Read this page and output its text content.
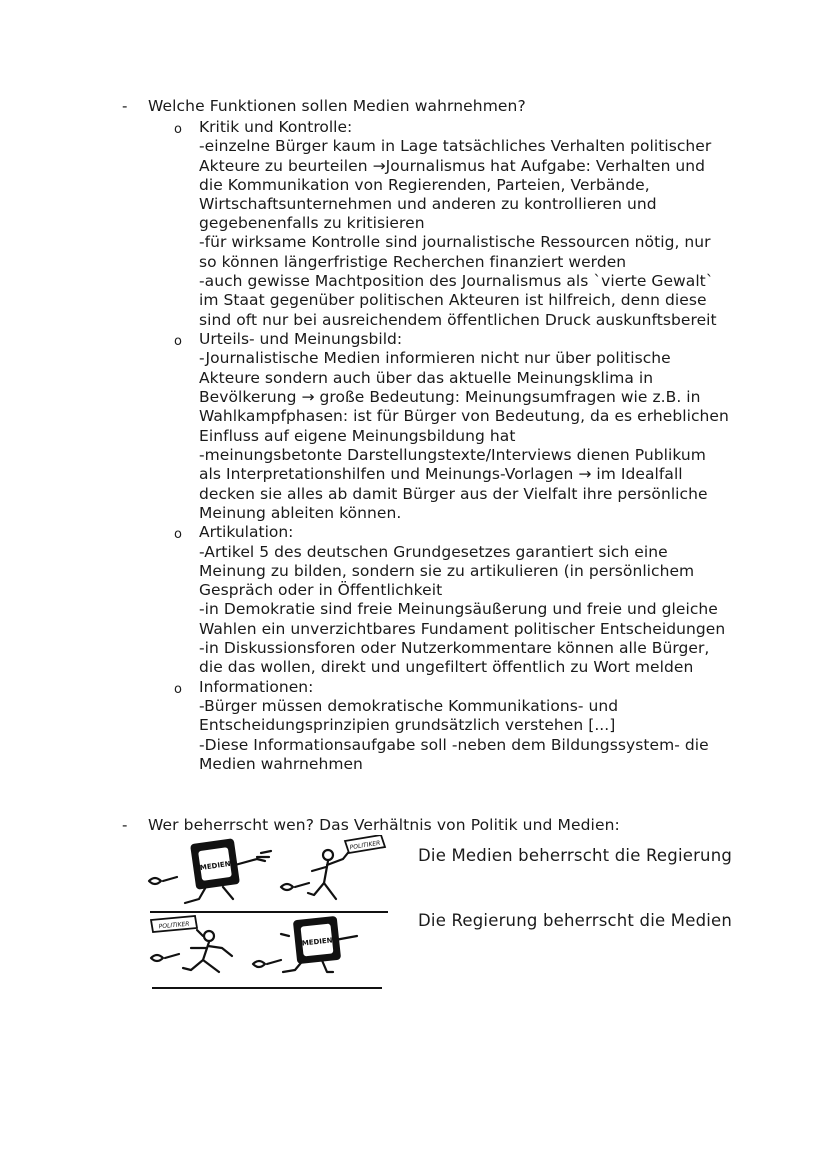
- Welche Funktionen sollen Medien wahrnehmen?
o Kritik und Kontrolle:
-einzelne Bürger kaum in Lage tatsächliches Verhalten politischer
Akteure zu beurteilen →Journalismus hat Aufgabe: Verhalten und
die Kommunikation von Regierenden, Parteien, Verbände,
Wirtschaftsunternehmen und anderen zu kontrollieren und
gegebenenfalls zu kritisieren
-für wirksame Kontrolle sind journalistische Ressourcen nötig, nur
so können längerfristige Recherchen finanziert werden
-auch gewisse Machtposition des Journalismus als `vierte Gewalt`
im Staat gegenüber politischen Akteuren ist hilfreich, denn diese
sind oft nur bei ausreichendem öffentlichen Druck auskunftsbereit
o Urteils- und Meinungsbild:
-Journalistische Medien informieren nicht nur über politische
Akteure sondern auch über das aktuelle Meinungsklima in
Bevölkerung → große Bedeutung: Meinungsumfragen wie z.B. in
Wahlkampfphasen: ist für Bürger von Bedeutung, da es erheblichen
Einfluss auf eigene Meinungsbildung hat
-meinungsbetonte Darstellungstexte/Interviews dienen Publikum
als Interpretationshilfen und Meinungs-Vorlagen → im Idealfall
decken sie alles ab damit Bürger aus der Vielfalt ihre persönliche
Meinung ableiten können.
o Artikulation:
-Artikel 5 des deutschen Grundgesetzes garantiert sich eine
Meinung zu bilden, sondern sie zu artikulieren (in persönlichem
Gespräch oder in Öffentlichkeit
-in Demokratie sind freie Meinungsäußerung und freie und gleiche
Wahlen ein unverzichtbares Fundament politischer Entscheidungen
-in Diskussionsforen oder Nutzerkommentare können alle Bürger,
die das wollen, direkt und ungefiltert öffentlich zu Wort melden
o Informationen:
-Bürger müssen demokratische Kommunikations- und
Entscheidungsprinzipien grundsätzlich verstehen [...]
-Diese Informationsaufgabe soll -neben dem Bildungssystem- die
Medien wahrnehmen
- Wer beherrscht wen? Das Verhältnis von Politik und Medien:
MEDIEN
POLITIKER
Die Medien beherrscht die Regierung
POLITIKER
MEDIEN
Die Regierung beherrscht die Medien
